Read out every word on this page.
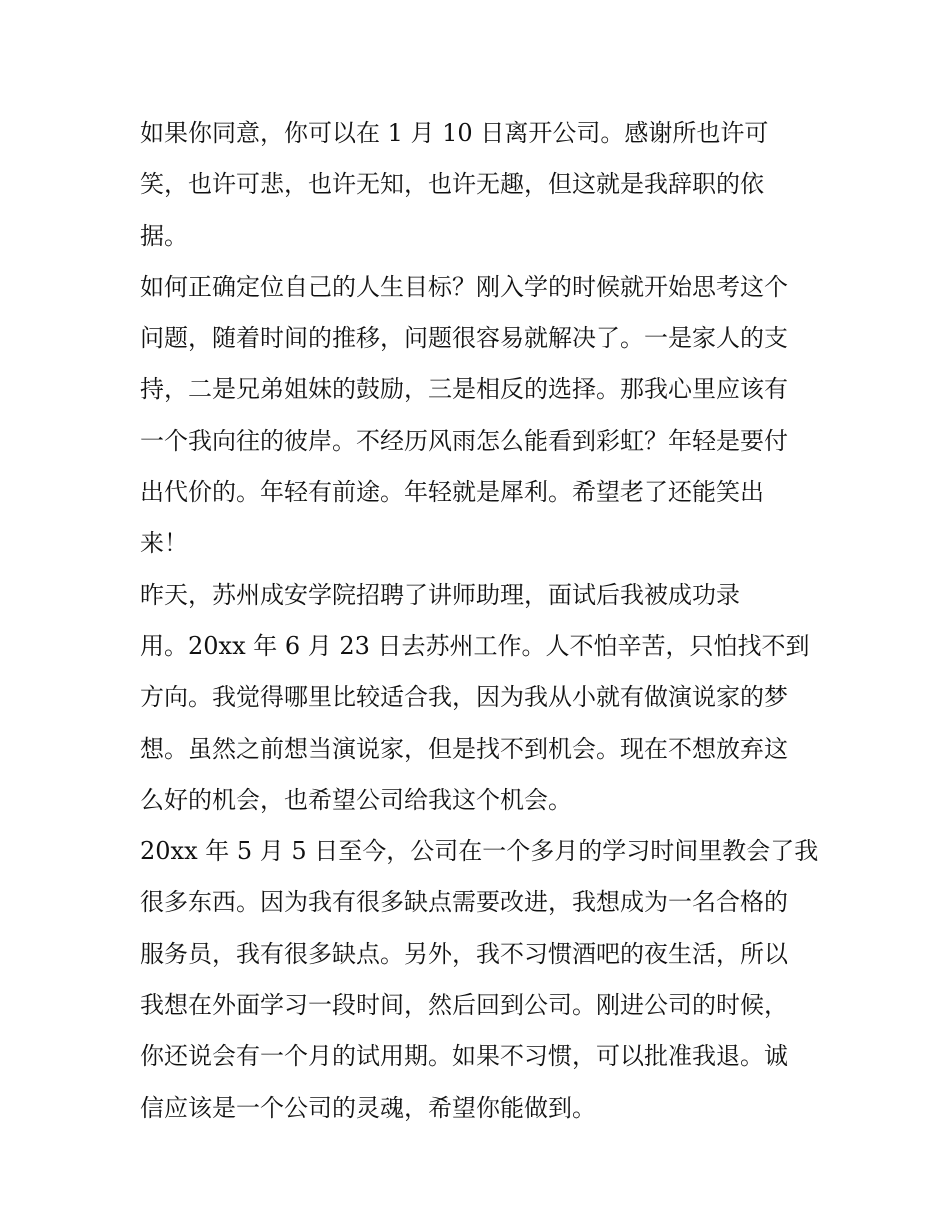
如果你同意，你可以在 1 月 10 日离开公司。感谢所也许可
笑，也许可悲，也许无知，也许无趣，但这就是我辞职的依
据。
如何正确定位自己的人生目标？刚入学的时候就开始思考这个
问题，随着时间的推移，问题很容易就解决了。一是家人的支
持，二是兄弟姐妹的鼓励，三是相反的选择。那我心里应该有
一个我向往的彼岸。不经历风雨怎么能看到彩虹？年轻是要付
出代价的。年轻有前途。年轻就是犀利。希望老了还能笑出
来！
昨天，苏州成安学院招聘了讲师助理，面试后我被成功录
用。20xx 年 6 月 23 日去苏州工作。人不怕辛苦，只怕找不到
方向。我觉得哪里比较适合我，因为我从小就有做演说家的梦
想。虽然之前想当演说家，但是找不到机会。现在不想放弃这
么好的机会，也希望公司给我这个机会。
20xx 年 5 月 5 日至今，公司在一个多月的学习时间里教会了我
很多东西。因为我有很多缺点需要改进，我想成为一名合格的
服务员，我有很多缺点。另外，我不习惯酒吧的夜生活，所以
我想在外面学习一段时间，然后回到公司。刚进公司的时候，
你还说会有一个月的试用期。如果不习惯，可以批准我退。诚
信应该是一个公司的灵魂，希望你能做到。
